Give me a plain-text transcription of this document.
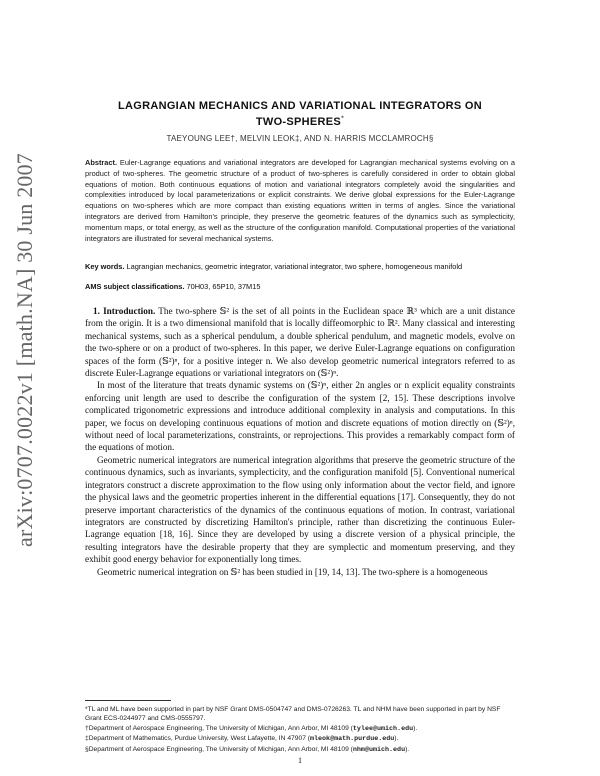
arXiv:0707.0022v1 [math.NA] 30 Jun 2007
LAGRANGIAN MECHANICS AND VARIATIONAL INTEGRATORS ON
TWO-SPHERES*
TAEYOUNG LEE†, MELVIN LEOK‡, AND N. HARRIS MCCLAMROCH§
Abstract. Euler-Lagrange equations and variational integrators are developed for Lagrangian mechanical systems evolving on a product of two-spheres. The geometric structure of a product of two-spheres is carefully considered in order to obtain global equations of motion. Both continuous equations of motion and variational integrators completely avoid the singularities and complexities introduced by local parameterizations or explicit constraints. We derive global expressions for the Euler-Lagrange equations on two-spheres which are more compact than existing equations written in terms of angles. Since the variational integrators are derived from Hamilton's principle, they preserve the geometric features of the dynamics such as symplecticity, momentum maps, or total energy, as well as the structure of the configuration manifold. Computational properties of the variational integrators are illustrated for several mechanical systems.
Key words. Lagrangian mechanics, geometric integrator, variational integrator, two sphere, homogeneous manifold
AMS subject classifications. 70H03, 65P10, 37M15

1. Introduction. The two-sphere 𝕊² is the set of all points in the Euclidean space ℝ³ which are a unit distance from the origin. It is a two dimensional manifold that is locally diffeomorphic to ℝ². Many classical and interesting mechanical systems, such as a spherical pendulum, a double spherical pendulum, and magnetic models, evolve on the two-sphere or on a product of two-spheres. In this paper, we derive Euler-Lagrange equations on configuration spaces of the form (𝕊²)ⁿ, for a positive integer n. We also develop geometric numerical integrators referred to as discrete Euler-Lagrange equations or variational integrators on (𝕊²)ⁿ.

In most of the literature that treats dynamic systems on (𝕊²)ⁿ, either 2n angles or n explicit equality constraints enforcing unit length are used to describe the configuration of the system [2, 15]. These descriptions involve complicated trigonometric expressions and introduce additional complexity in analysis and computations. In this paper, we focus on developing continuous equations of motion and discrete equations of motion directly on (𝕊²)ⁿ, without need of local parameterizations, constraints, or reprojections. This provides a remarkably compact form of the equations of motion.

Geometric numerical integrators are numerical integration algorithms that preserve the geometric structure of the continuous dynamics, such as invariants, symplecticity, and the configuration manifold [5]. Conventional numerical integrators construct a discrete approximation to the flow using only information about the vector field, and ignore the physical laws and the geometric properties inherent in the differential equations [17]. Consequently, they do not preserve important characteristics of the dynamics of the continuous equations of motion. In contrast, variational integrators are constructed by discretizing Hamilton's principle, rather than discretizing the continuous Euler-Lagrange equation [18, 16]. Since they are developed by using a discrete version of a physical principle, the resulting integrators have the desirable property that they are symplectic and momentum preserving, and they exhibit good energy behavior for exponentially long times.

Geometric numerical integration on 𝕊² has been studied in [19, 14, 13]. The two-sphere is a homogeneous

*TL and ML have been supported in part by NSF Grant DMS-0504747 and DMS-0726263. TL and NHM have been supported in part by NSF Grant ECS-0244977 and CMS-0555797.
†Department of Aerospace Engineering, The University of Michigan, Ann Arbor, MI 48109 (tylee@umich.edu).
‡Department of Mathematics, Purdue University, West Lafayette, IN 47907 (mleok@math.purdue.edu).
§Department of Aerospace Engineering, The University of Michigan, Ann Arbor, MI 48109 (nhm@umich.edu).
1
